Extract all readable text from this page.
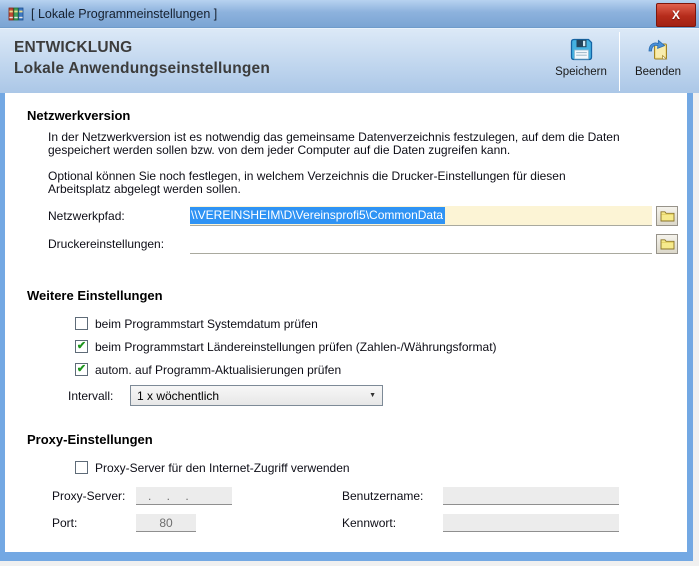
[ Lokale Programmeinstellungen ]	X
ENTWICKLUNG
Lokale Anwendungseinstellungen	Speichern Beenden
Netzwerkversion

In der Netzwerkversion ist es notwendig das gemeinsame Datenverzeichnis festzulegen, auf dem die Daten gespeichert werden sollen bzw. von dem jeder Computer auf die Daten zugreifen kann.

Optional können Sie noch festlegen, in welchem Verzeichnis die Drucker-Einstellungen für diesen Arbeitsplatz abgelegt werden sollen.

Netzwerkpfad:	\\VEREINSHEIM\D\Vereinsprofi5\CommonData
Druckereinstellungen:
Weitere Einstellungen
beim Programmstart Systemdatum prüfen
✔ beim Programmstart Ländereinstellungen prüfen (Zahlen-/Währungsformat)
✔ autom. auf Programm-Aktualisierungen prüfen
Intervall:	1 x wöchentlich	▼
Proxy-Einstellungen
Proxy-Server für den Internet-Zugriff verwenden
Proxy-Server:	. . .	Benutzername:
Port:	80	Kennwort:
